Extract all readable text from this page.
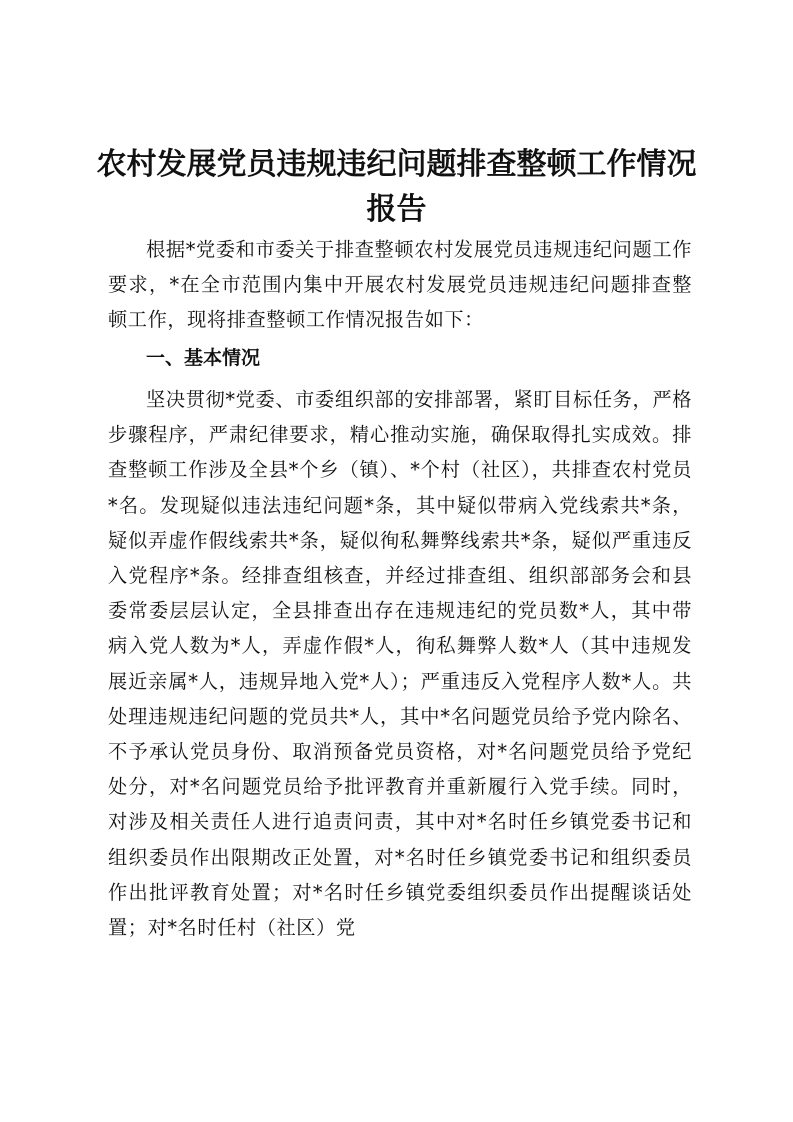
农村发展党员违规违纪问题排查整顿工作情况
报告

根据*党委和市委关于排查整顿农村发展党员违规违纪问题工作要求，*在全市范围内集中开展农村发展党员违规违纪问题排查整顿工作，现将排查整顿工作情况报告如下：

一、基本情况

坚决贯彻*党委、市委组织部的安排部署，紧盯目标任务，严格步骤程序，严肃纪律要求，精心推动实施，确保取得扎实成效。排查整顿工作涉及全县*个乡（镇）、*个村（社区），共排查农村党员*名。发现疑似违法违纪问题*条，其中疑似带病入党线索共*条，疑似弄虚作假线索共*条，疑似徇私舞弊线索共*条，疑似严重违反入党程序*条。经排查组核查，并经过排查组、组织部部务会和县委常委层层认定，全县排查出存在违规违纪的党员数*人，其中带病入党人数为*人，弄虚作假*人，徇私舞弊人数*人（其中违规发展近亲属*人，违规异地入党*人）；严重违反入党程序人数*人。共处理违规违纪问题的党员共*人，其中*名问题党员给予党内除名、不予承认党员身份、取消预备党员资格，对*名问题党员给予党纪处分，对*名问题党员给予批评教育并重新履行入党手续。同时，对涉及相关责任人进行追责问责，其中对*名时任乡镇党委书记和组织委员作出限期改正处置，对*名时任乡镇党委书记和组织委员作出批评教育处置；对*名时任乡镇党委组织委员作出提醒谈话处置；对*名时任村（社区）党
